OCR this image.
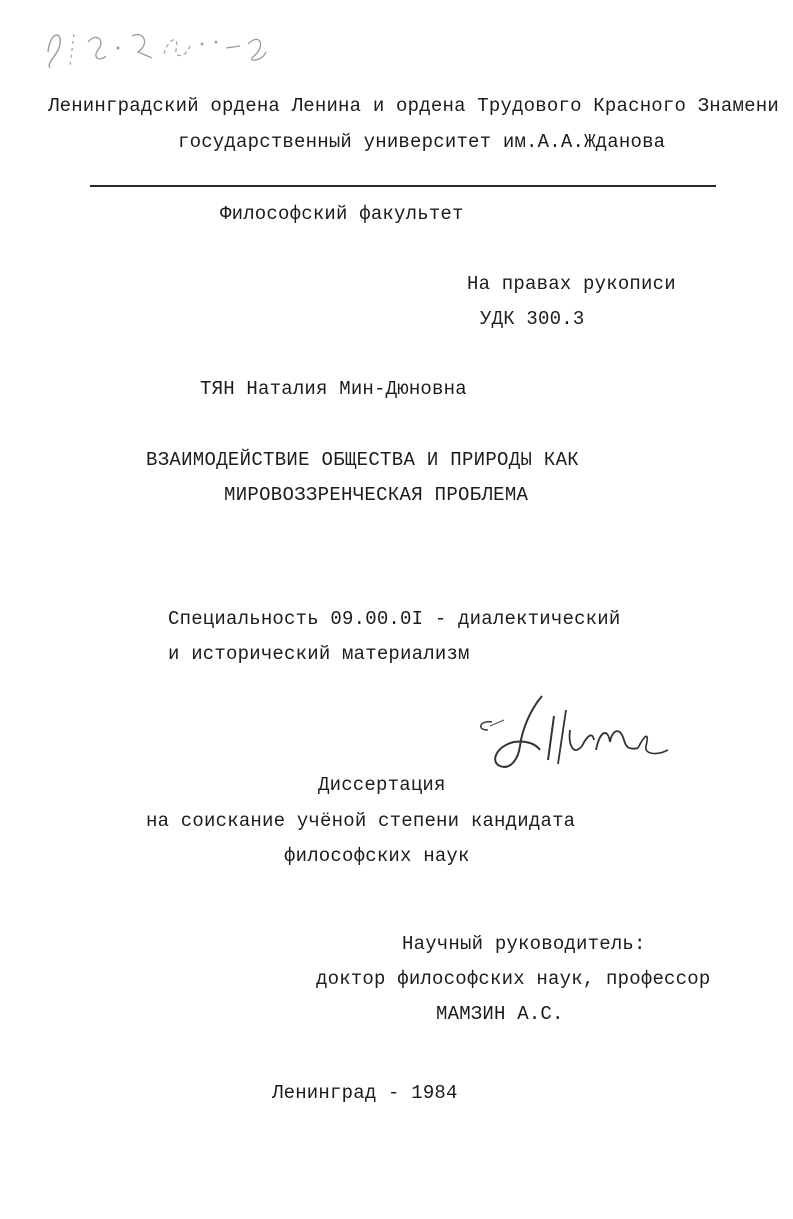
Ленинградский ордена Ленина и ордена Трудового Красного Знамени
государственный университет им.А.А.Жданова
Философский факультет
На правах рукописи
УДК 300.3
ТЯН Наталия Мин-Дюновна
ВЗАИМОДЕЙСТВИЕ ОБЩЕСТВА И ПРИРОДЫ КАК
МИРОВОЗЗРЕНЧЕСКАЯ ПРОБЛЕМА
Специальность 09.00.0I - диалектический
и исторический материализм
Диссертация
на соискание учёной степени кандидата
философских наук
Научный руководитель:
доктор философских наук, профессор
МАМЗИН А.С.
Ленинград - 1984
